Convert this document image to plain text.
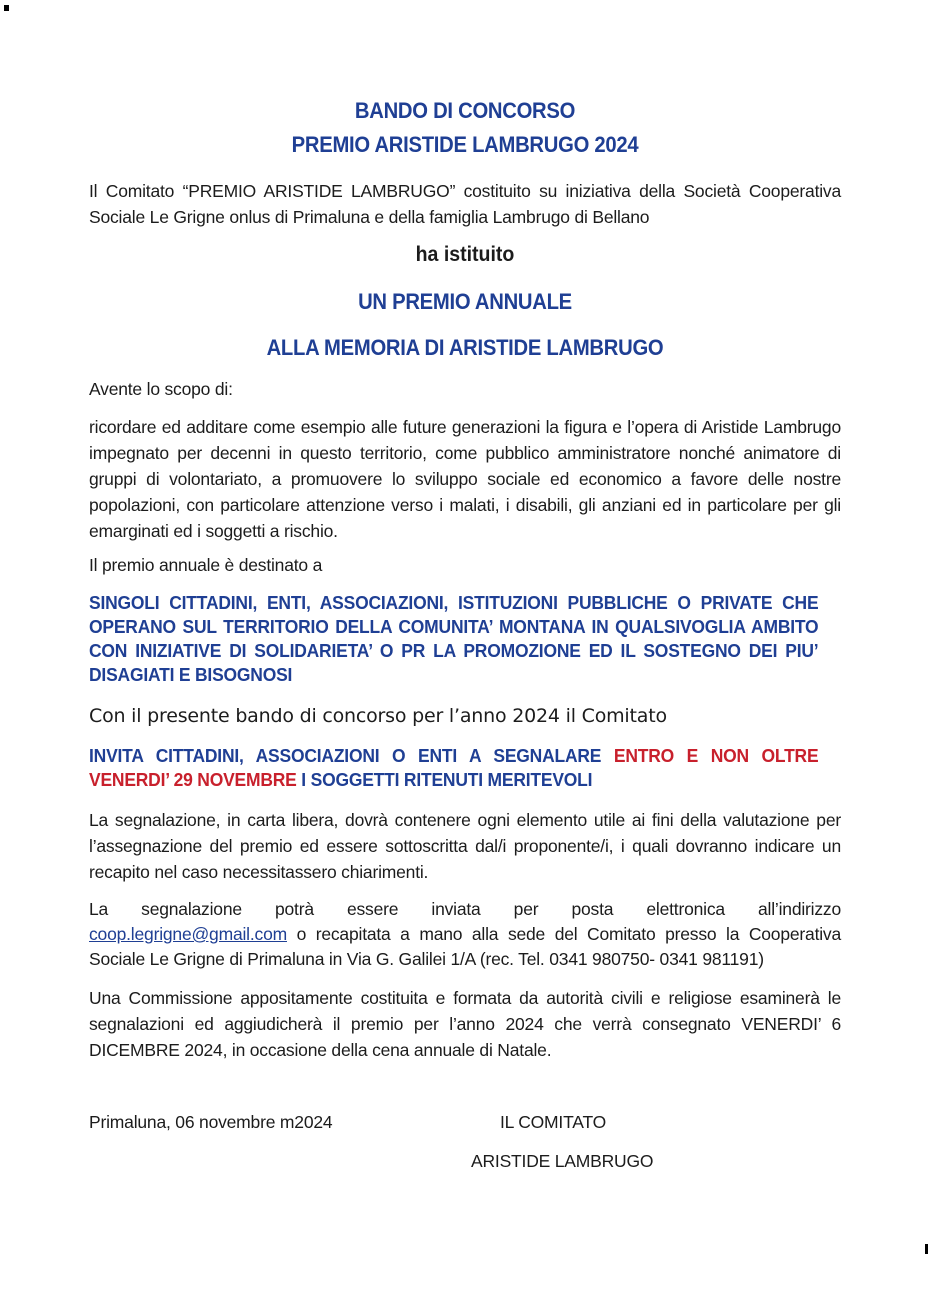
BANDO DI CONCORSO
PREMIO ARISTIDE LAMBRUGO 2024
Il Comitato “PREMIO ARISTIDE LAMBRUGO” costituito su iniziativa della Società Cooperativa
Sociale Le Grigne onlus di Primaluna e della famiglia Lambrugo di Bellano
ha istituito
UN PREMIO ANNUALE
ALLA MEMORIA DI ARISTIDE LAMBRUGO
Avente lo scopo di:
ricordare ed additare come esempio alle future generazioni la figura e l’opera di Aristide Lambrugo impegnato per decenni in questo territorio, come pubblico amministratore nonché animatore di gruppi di volontariato, a promuovere lo sviluppo sociale ed economico a favore delle nostre popolazioni, con particolare attenzione verso i malati, i disabili, gli anziani ed in particolare per gli emarginati ed i soggetti a rischio.
Il premio annuale è destinato a
SINGOLI CITTADINI, ENTI, ASSOCIAZIONI, ISTITUZIONI PUBBLICHE O PRIVATE CHE OPERANO SUL TERRITORIO DELLA COMUNITA’ MONTANA IN QUALSIVOGLIA AMBITO CON INIZIATIVE DI SOLIDARIETA’ O PR LA PROMOZIONE ED IL SOSTEGNO DEI PIU’ DISAGIATI E BISOGNOSI
Con il presente bando di concorso per l’anno 2024 il Comitato
INVITA CITTADINI, ASSOCIAZIONI O ENTI A SEGNALARE ENTRO E NON OLTRE
VENERDI’ 29 NOVEMBRE I SOGGETTI RITENUTI MERITEVOLI
La segnalazione, in carta libera, dovrà contenere ogni elemento utile ai fini della valutazione per l’assegnazione del premio ed essere sottoscritta dal/i proponente/i, i quali dovranno indicare un recapito nel caso necessitassero chiarimenti.
La segnalazione potrà essere inviata per posta elettronica all’indirizzo
coop.legrigne@gmail.com o recapitata a mano alla sede del Comitato presso la Cooperativa
Sociale Le Grigne di Primaluna in Via G. Galilei 1/A (rec. Tel. 0341 980750- 0341 981191)
Una Commissione appositamente costituita e formata da autorità civili e religiose esaminerà le segnalazioni ed aggiudicherà il premio per l’anno 2024 che verrà consegnato VENERDI’ 6 DICEMBRE 2024, in occasione della cena annuale di Natale.
Primaluna, 06 novembre m2024	IL COMITATO
ARISTIDE LAMBRUGO
